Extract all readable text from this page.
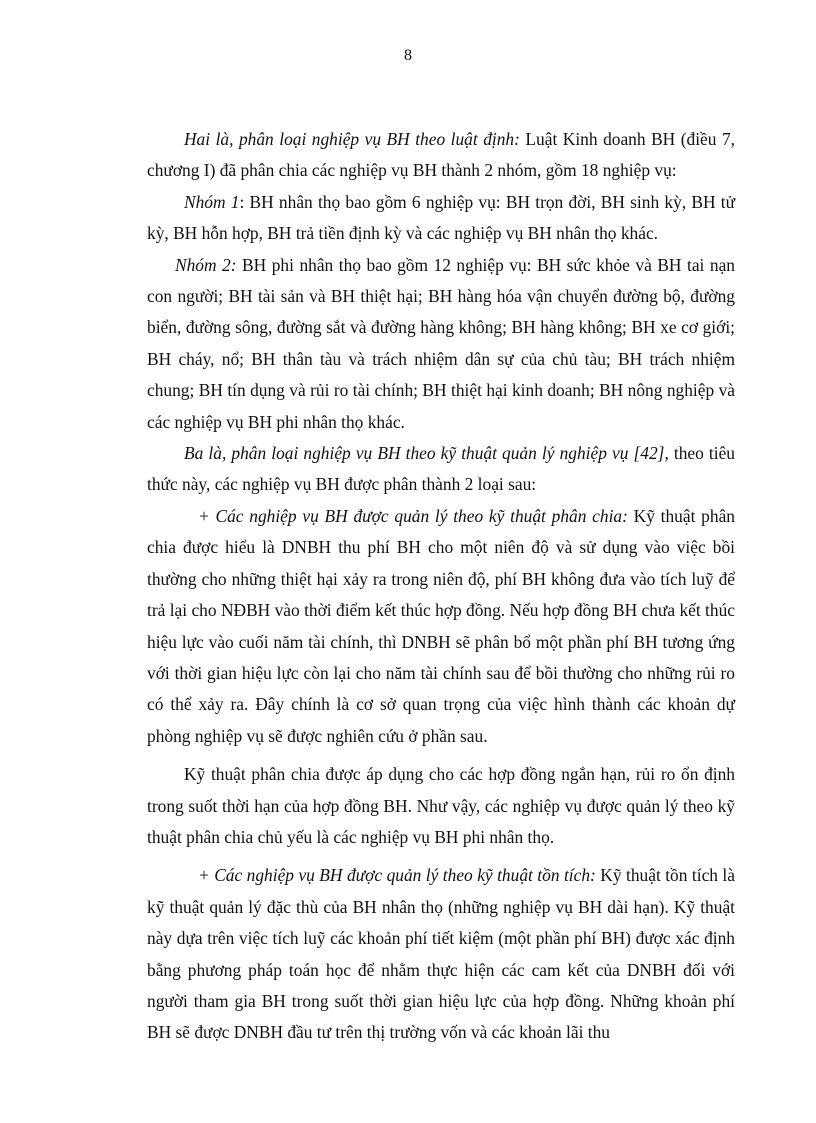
8

Hai là, phân loại nghiệp vụ BH theo luật định: Luật Kinh doanh BH (điều 7, chương I) đã phân chia các nghiệp vụ BH thành 2 nhóm, gồm 18 nghiệp vụ:

Nhóm 1: BH nhân thọ bao gồm 6 nghiệp vụ: BH trọn đời, BH sinh kỳ, BH tử kỳ, BH hỗn hợp, BH trả tiền định kỳ và các nghiệp vụ BH nhân thọ khác.

Nhóm 2: BH phi nhân thọ bao gồm 12 nghiệp vụ: BH sức khỏe và BH tai nạn con người; BH tài sản và BH thiệt hại; BH hàng hóa vận chuyển đường bộ, đường biển, đường sông, đường sắt và đường hàng không; BH hàng không; BH xe cơ giới; BH cháy, nổ; BH thân tàu và trách nhiệm dân sự của chủ tàu; BH trách nhiệm chung; BH tín dụng và rủi ro tài chính; BH thiệt hại kinh doanh; BH nông nghiệp và các nghiệp vụ BH phi nhân thọ khác.

Ba là, phân loại nghiệp vụ BH theo kỹ thuật quản lý nghiệp vụ [42], theo tiêu thức này, các nghiệp vụ BH được phân thành 2 loại sau:

+ Các nghiệp vụ BH được quản lý theo kỹ thuật phân chia: Kỹ thuật phân chia được hiểu là DNBH thu phí BH cho một niên độ và sử dụng vào việc bồi thường cho những thiệt hại xảy ra trong niên độ, phí BH không đưa vào tích luỹ để trả lại cho NĐBH vào thời điểm kết thúc hợp đồng. Nếu hợp đồng BH chưa kết thúc hiệu lực vào cuối năm tài chính, thì DNBH sẽ phân bổ một phần phí BH tương ứng với thời gian hiệu lực còn lại cho năm tài chính sau để bồi thường cho những rủi ro có thể xảy ra. Đây chính là cơ sở quan trọng của việc hình thành các khoản dự phòng nghiệp vụ sẽ được nghiên cứu ở phần sau.

Kỹ thuật phân chia được áp dụng cho các hợp đồng ngắn hạn, rủi ro ổn định trong suốt thời hạn của hợp đồng BH. Như vậy, các nghiệp vụ được quản lý theo kỹ thuật phân chia chủ yếu là các nghiệp vụ BH phi nhân thọ.

+ Các nghiệp vụ BH được quản lý theo kỹ thuật tồn tích: Kỹ thuật tồn tích là kỹ thuật quản lý đặc thù của BH nhân thọ (những nghiệp vụ BH dài hạn). Kỹ thuật này dựa trên việc tích luỹ các khoản phí tiết kiệm (một phần phí BH) được xác định bằng phương pháp toán học để nhằm thực hiện các cam kết của DNBH đối với người tham gia BH trong suốt thời gian hiệu lực của hợp đồng. Những khoản phí BH sẽ được DNBH đầu tư trên thị trường vốn và các khoản lãi thu
